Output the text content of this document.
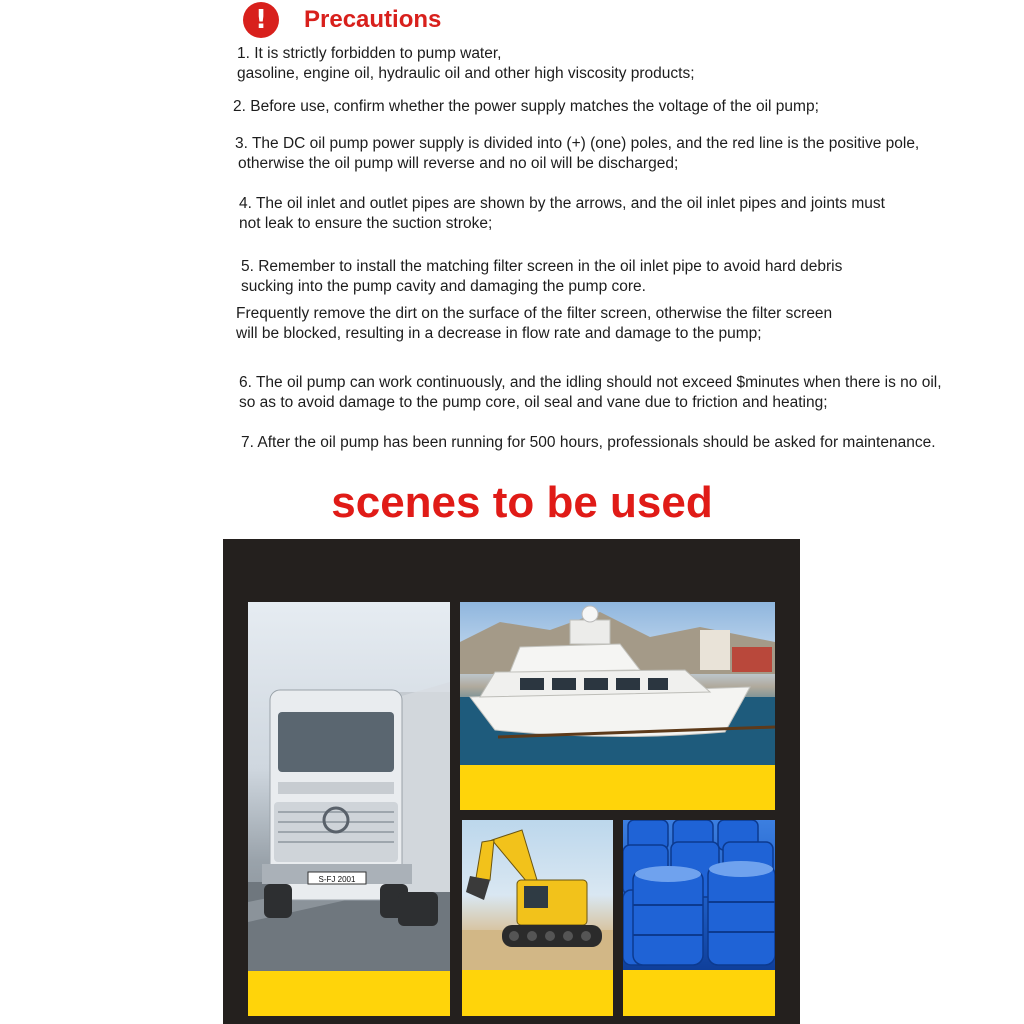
! Precautions
1. It is strictly forbidden to pump water,
gasoline, engine oil, hydraulic oil and other high viscosity products;
2. Before use, confirm whether the power supply matches the voltage of the oil pump;
3. The DC oil pump power supply is divided into (+) (one) poles, and the red line is the positive pole,
otherwise the oil pump will reverse and no oil will be discharged;
4. The oil inlet and outlet pipes are shown by the arrows, and the oil inlet pipes and joints must
not leak to ensure the suction stroke;
5. Remember to install the matching filter screen in the oil inlet pipe to avoid hard debris
sucking into the pump cavity and damaging the pump core.
Frequently remove the dirt on the surface of the filter screen, otherwise the filter screen
will be blocked, resulting in a decrease in flow rate and damage to the pump;
6. The oil pump can work continuously, and the idling should not exceed $minutes when there is no oil,
so as to avoid damage to the pump core, oil seal and vane due to friction and heating;
7. After the oil pump has been running for 500 hours, professionals should be asked for maintenance.
scenes to be used
S-FJ 2001
